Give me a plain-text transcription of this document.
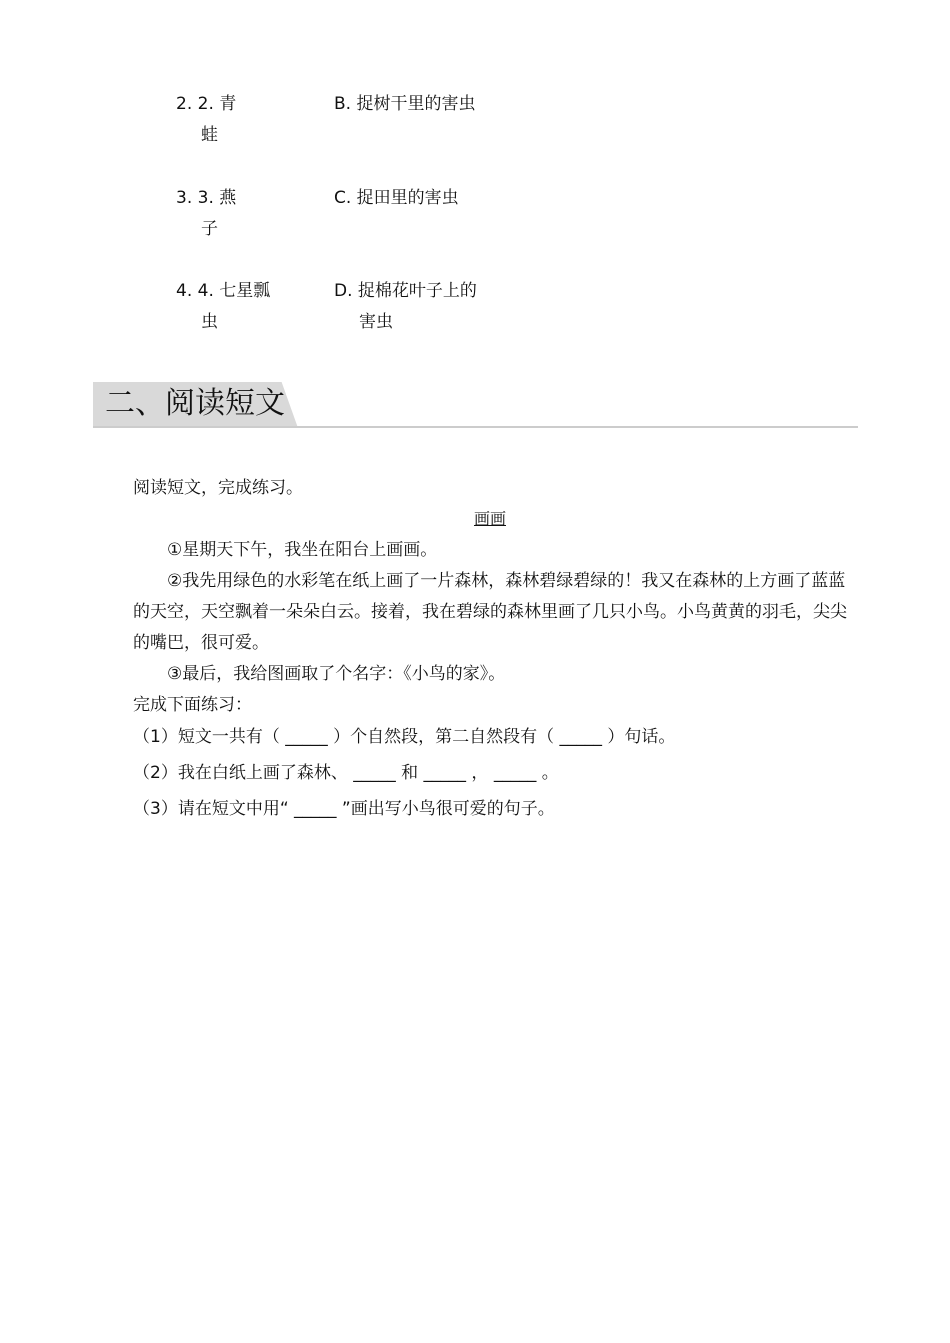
2. 2. 青
蛙
B. 捉树干里的害虫
3. 3. 燕
子
C. 捉田里的害虫
4. 4. 七星瓢
虫
D. 捉棉花叶子上的
害虫
二、阅读短文
阅读短文，完成练习。
画画
①星期天下午，我坐在阳台上画画。
②我先用绿色的水彩笔在纸上画了一片森林，森林碧绿碧绿的！我又在森林的上方画了蓝蓝的天空，天空飘着一朵朵白云。接着，我在碧绿的森林里画了几只小鸟。小鸟黄黄的羽毛，尖尖的嘴巴，很可爱。
③最后，我给图画取了个名字：《小鸟的家》。
完成下面练习：
（1）短文一共有（ _____ ）个自然段，第二自然段有（ _____ ）句话。
（2）我在白纸上画了森林、 _____ 和 _____ ， _____ 。
（3）请在短文中用“ _____ ”画出写小鸟很可爱的句子。
